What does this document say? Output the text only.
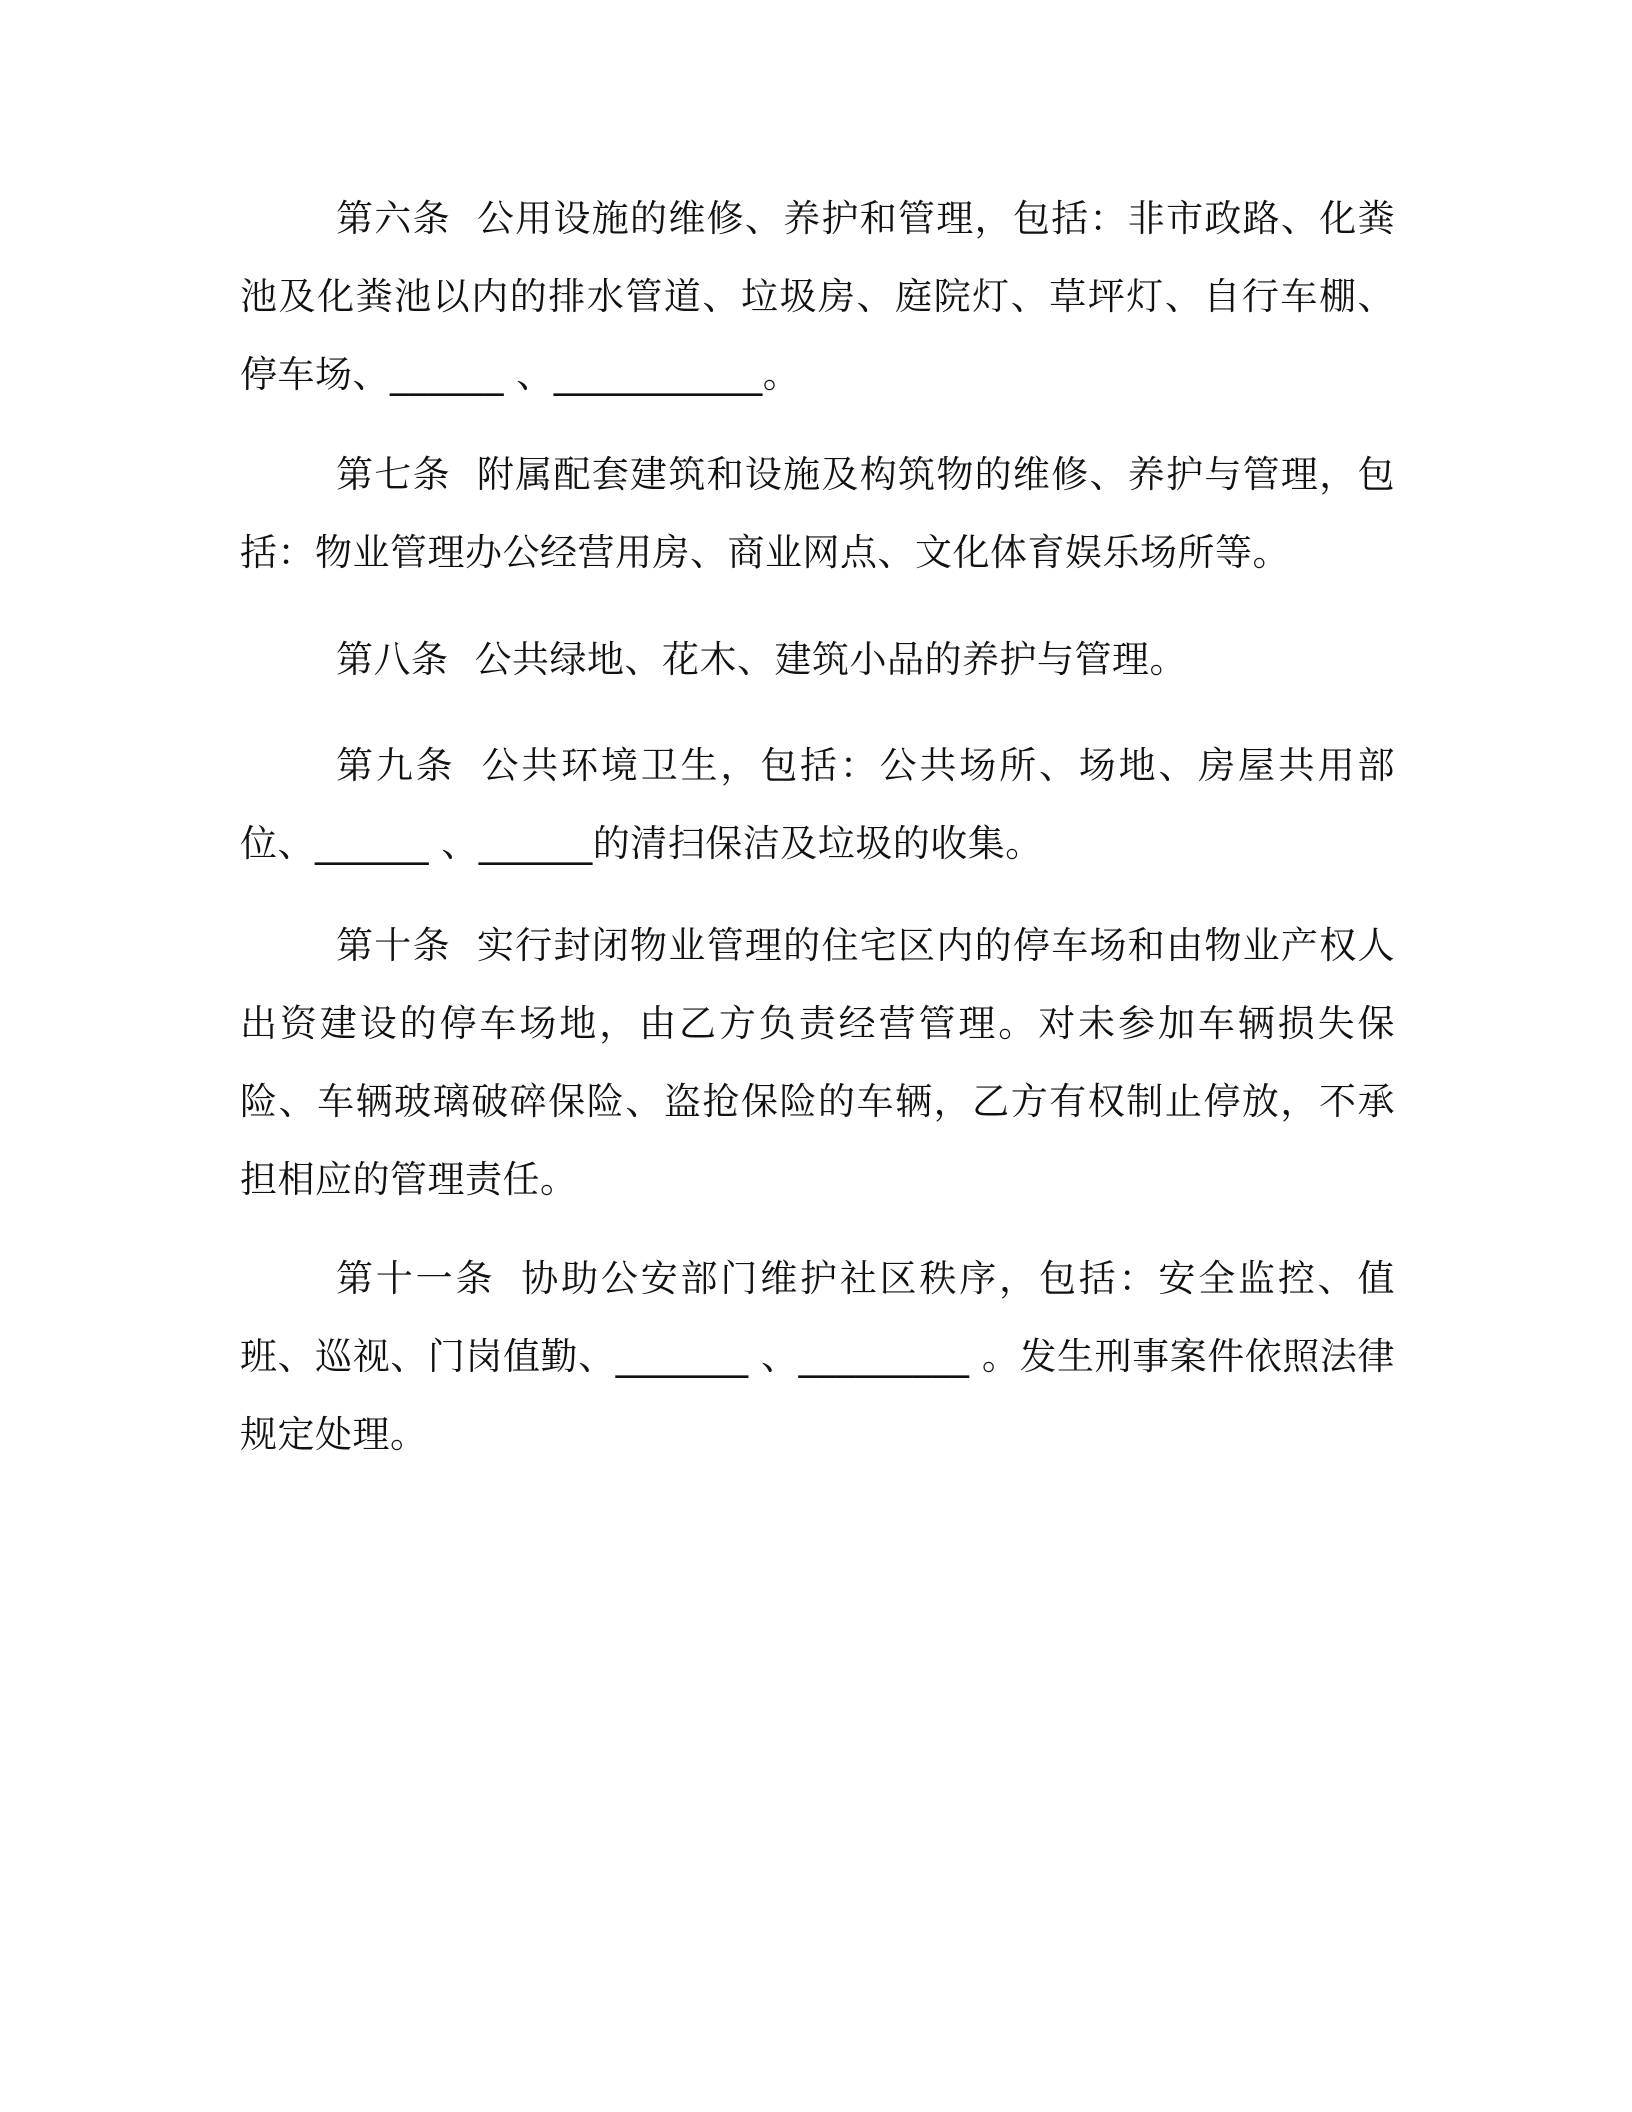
第六条 公用设施的维修、养护和管理，包括：非市政路、化粪池及化粪池以内的排水管道、垃圾房、庭院灯、草坪灯、自行车棚、停车场、______ 、___________。

第七条 附属配套建筑和设施及构筑物的维修、养护与管理，包括：物业管理办公经营用房、商业网点、文化体育娱乐场所等。

第八条 公共绿地、花木、建筑小品的养护与管理。

第九条 公共环境卫生，包括：公共场所、场地、房屋共用部位、______ 、______的清扫保洁及垃圾的收集。

第十条 实行封闭物业管理的住宅区内的停车场和由物业产权人出资建设的停车场地，由乙方负责经营管理。对未参加车辆损失保险、车辆玻璃破碎保险、盗抢保险的车辆，乙方有权制止停放，不承担相应的管理责任。

第十一条 协助公安部门维护社区秩序，包括：安全监控、值班、巡视、门岗值勤、_______ 、_________ 。发生刑事案件依照法律规定处理。
